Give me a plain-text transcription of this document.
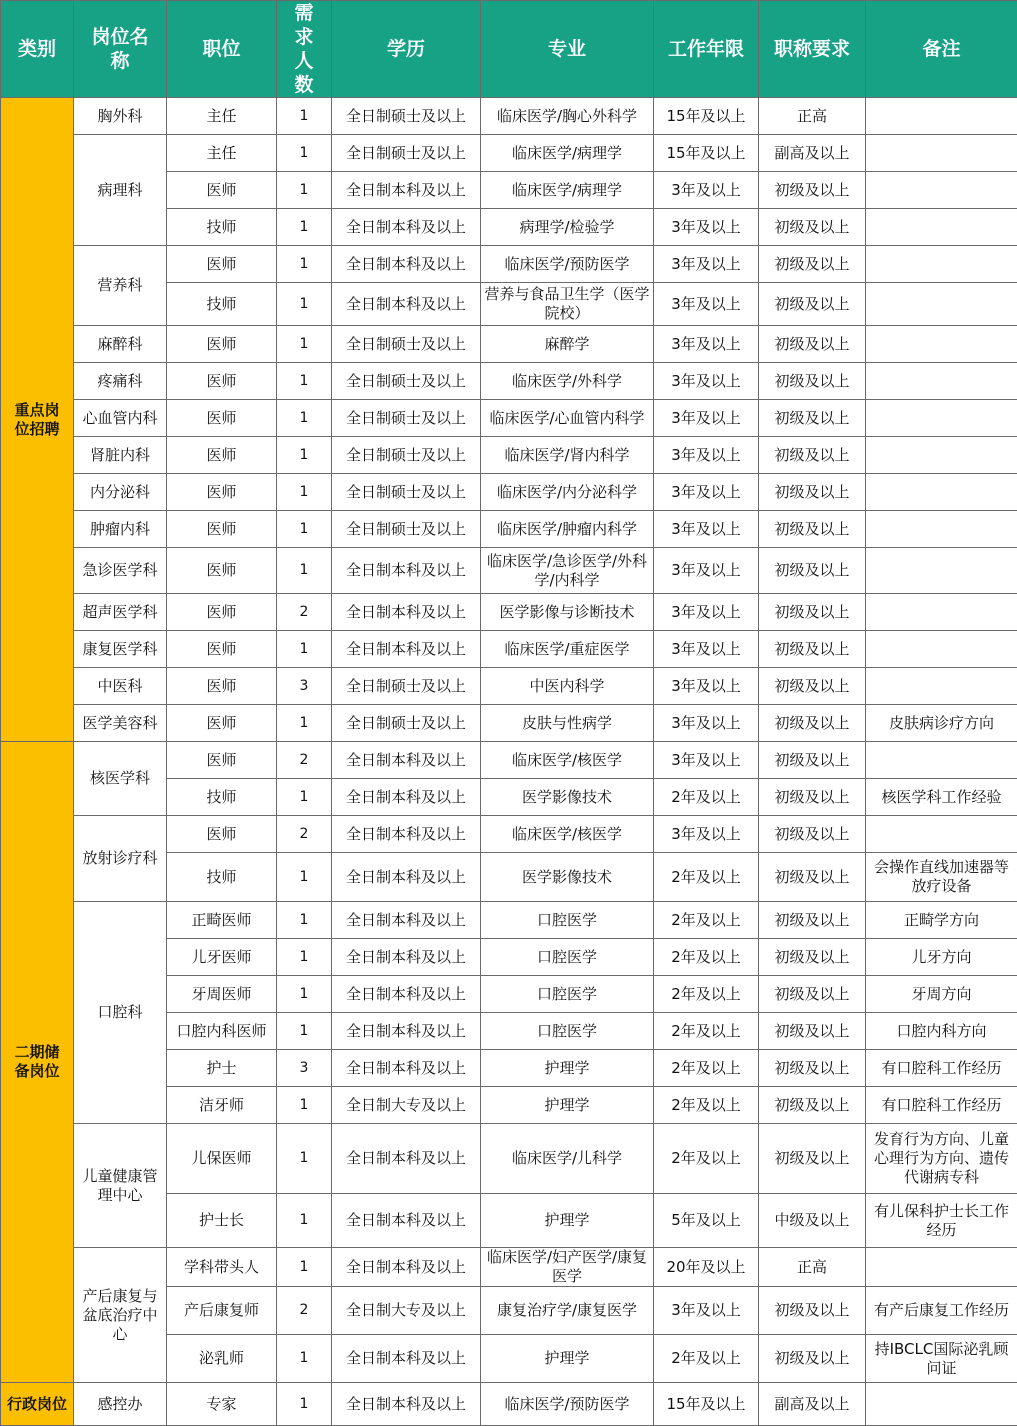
类别	岗位名称	职位	需求人数	学历	专业	工作年限	职称要求	备注
重点岗位招聘	胸外科	主任	1	全日制硕士及以上	临床医学/胸心外科学	15年及以上	正高	
	病理科	主任	1	全日制硕士及以上	临床医学/病理学	15年及以上	副高及以上	
		医师	1	全日制本科及以上	临床医学/病理学	3年及以上	初级及以上	
		技师	1	全日制本科及以上	病理学/检验学	3年及以上	初级及以上	
	营养科	医师	1	全日制本科及以上	临床医学/预防医学	3年及以上	初级及以上	
		技师	1	全日制本科及以上	营养与食品卫生学（医学院校）	3年及以上	初级及以上	
	麻醉科	医师	1	全日制硕士及以上	麻醉学	3年及以上	初级及以上	
	疼痛科	医师	1	全日制硕士及以上	临床医学/外科学	3年及以上	初级及以上	
	心血管内科	医师	1	全日制硕士及以上	临床医学/心血管内科学	3年及以上	初级及以上	
	肾脏内科	医师	1	全日制硕士及以上	临床医学/肾内科学	3年及以上	初级及以上	
	内分泌科	医师	1	全日制硕士及以上	临床医学/内分泌科学	3年及以上	初级及以上	
	肿瘤内科	医师	1	全日制硕士及以上	临床医学/肿瘤内科学	3年及以上	初级及以上	
	急诊医学科	医师	1	全日制本科及以上	临床医学/急诊医学/外科学/内科学	3年及以上	初级及以上	
	超声医学科	医师	2	全日制本科及以上	医学影像与诊断技术	3年及以上	初级及以上	
	康复医学科	医师	1	全日制本科及以上	临床医学/重症医学	3年及以上	初级及以上	
	中医科	医师	3	全日制硕士及以上	中医内科学	3年及以上	初级及以上	
	医学美容科	医师	1	全日制硕士及以上	皮肤与性病学	3年及以上	初级及以上	皮肤病诊疗方向
二期储备岗位	核医学科	医师	2	全日制本科及以上	临床医学/核医学	3年及以上	初级及以上	
		技师	1	全日制本科及以上	医学影像技术	2年及以上	初级及以上	核医学科工作经验
	放射诊疗科	医师	2	全日制本科及以上	临床医学/核医学	3年及以上	初级及以上	
		技师	1	全日制本科及以上	医学影像技术	2年及以上	初级及以上	会操作直线加速器等放疗设备
	口腔科	正畸医师	1	全日制本科及以上	口腔医学	2年及以上	初级及以上	正畸学方向
		儿牙医师	1	全日制本科及以上	口腔医学	2年及以上	初级及以上	儿牙方向
		牙周医师	1	全日制本科及以上	口腔医学	2年及以上	初级及以上	牙周方向
		口腔内科医师	1	全日制本科及以上	口腔医学	2年及以上	初级及以上	口腔内科方向
		护士	3	全日制本科及以上	护理学	2年及以上	初级及以上	有口腔科工作经历
		洁牙师	1	全日制大专及以上	护理学	2年及以上	初级及以上	有口腔科工作经历
	儿童健康管理中心	儿保医师	1	全日制本科及以上	临床医学/儿科学	2年及以上	初级及以上	发育行为方向、儿童心理行为方向、遗传代谢病专科
		护士长	1	全日制本科及以上	护理学	5年及以上	中级及以上	有儿保科护士长工作经历
	产后康复与盆底治疗中心	学科带头人	1	全日制本科及以上	临床医学/妇产医学/康复医学	20年及以上	正高	
		产后康复师	2	全日制大专及以上	康复治疗学/康复医学	3年及以上	初级及以上	有产后康复工作经历
		泌乳师	1	全日制本科及以上	护理学	2年及以上	初级及以上	持IBCLC国际泌乳顾问证
行政岗位	感控办	专家	1	全日制本科及以上	临床医学/预防医学	15年及以上	副高及以上	
